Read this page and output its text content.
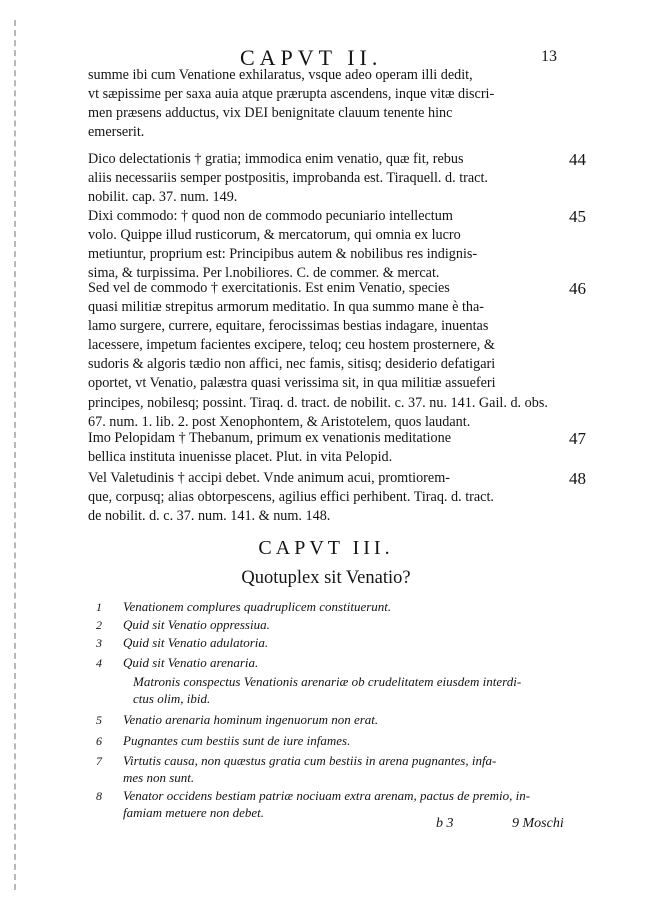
CAPVT II.	13

summe ibi cum Venatione exhilaratus, vsque adeo operam illi dedit,
vt sæpissime per saxa auia atque prærupta ascendens, inque vitæ discri-
men præsens adductus, vix DEI benignitate clauum tenente hinc
emerserit.

44

Dico delectationis † gratia; immodica enim venatio, quæ fit, rebus
aliis necessariis semper postpositis, improbanda est. Tiraquell. d. tract.
nobilit. cap. 37. num. 149.

45

Dixi commodo: † quod non de commodo pecuniario intellectum
volo. Quippe illud rusticorum, & mercatorum, qui omnia ex lucro
metiuntur, proprium est: Principibus autem & nobilibus res indignis-
sima, & turpissima. Per l.nobiliores. C. de commer. & mercat.

46

Sed vel de commodo † exercitationis. Est enim Venatio, species
quasi militiæ strepitus armorum meditatio. In qua summo mane è tha-
lamo surgere, currere, equitare, ferocissimas bestias indagare, inuentas
lacessere, impetum facientes excipere, teloq; ceu hostem prosternere, &
sudoris & algoris tædio non affici, nec famis, sitisq; desiderio defatigari
oportet, vt Venatio, palæstra quasi verissima sit, in qua militiæ assueferi
principes, nobilesq; possint. Tiraq. d. tract. de nobilit. c. 37. nu. 141. Gail. d. obs.
67. num. 1. lib. 2. post Xenophontem, & Aristotelem, quos laudant.

47

Imo Pelopidam † Thebanum, primum ex venationis meditatione
bellica instituta inuenisse placet. Plut. in vita Pelopid.

48

Vel Valetudinis † accipi debet. Vnde animum acui, promtiorem-
que, corpusq; alias obtorpescens, agilius effici perhibent. Tiraq. d. tract.
de nobilit. d. c. 37. num. 141. & num. 148.

CAPVT III.
Quotuplex sit Venatio?
1 Venationem complures quadruplicem constituerunt.
2 Quid sit Venatio oppressiua.
3 Quid sit Venatio adulatoria.
4 Quid sit Venatio arenaria.
Matronis conspectus Venationis arenariæ ob crudelitatem eiusdem interdi-
ctus olim, ibid.
5 Venatio arenaria hominum ingenuorum non erat.
6 Pugnantes cum bestiis sunt de iure infames.
7 Virtutis causa, non quæstus gratia cum bestiis in arena pugnantes, infa-
mes non sunt.
8 Venator occidens bestiam patriæ nociuam extra arenam, pactus de premio, in-
famiam metuere non debet.
b 3	9 Moschi
